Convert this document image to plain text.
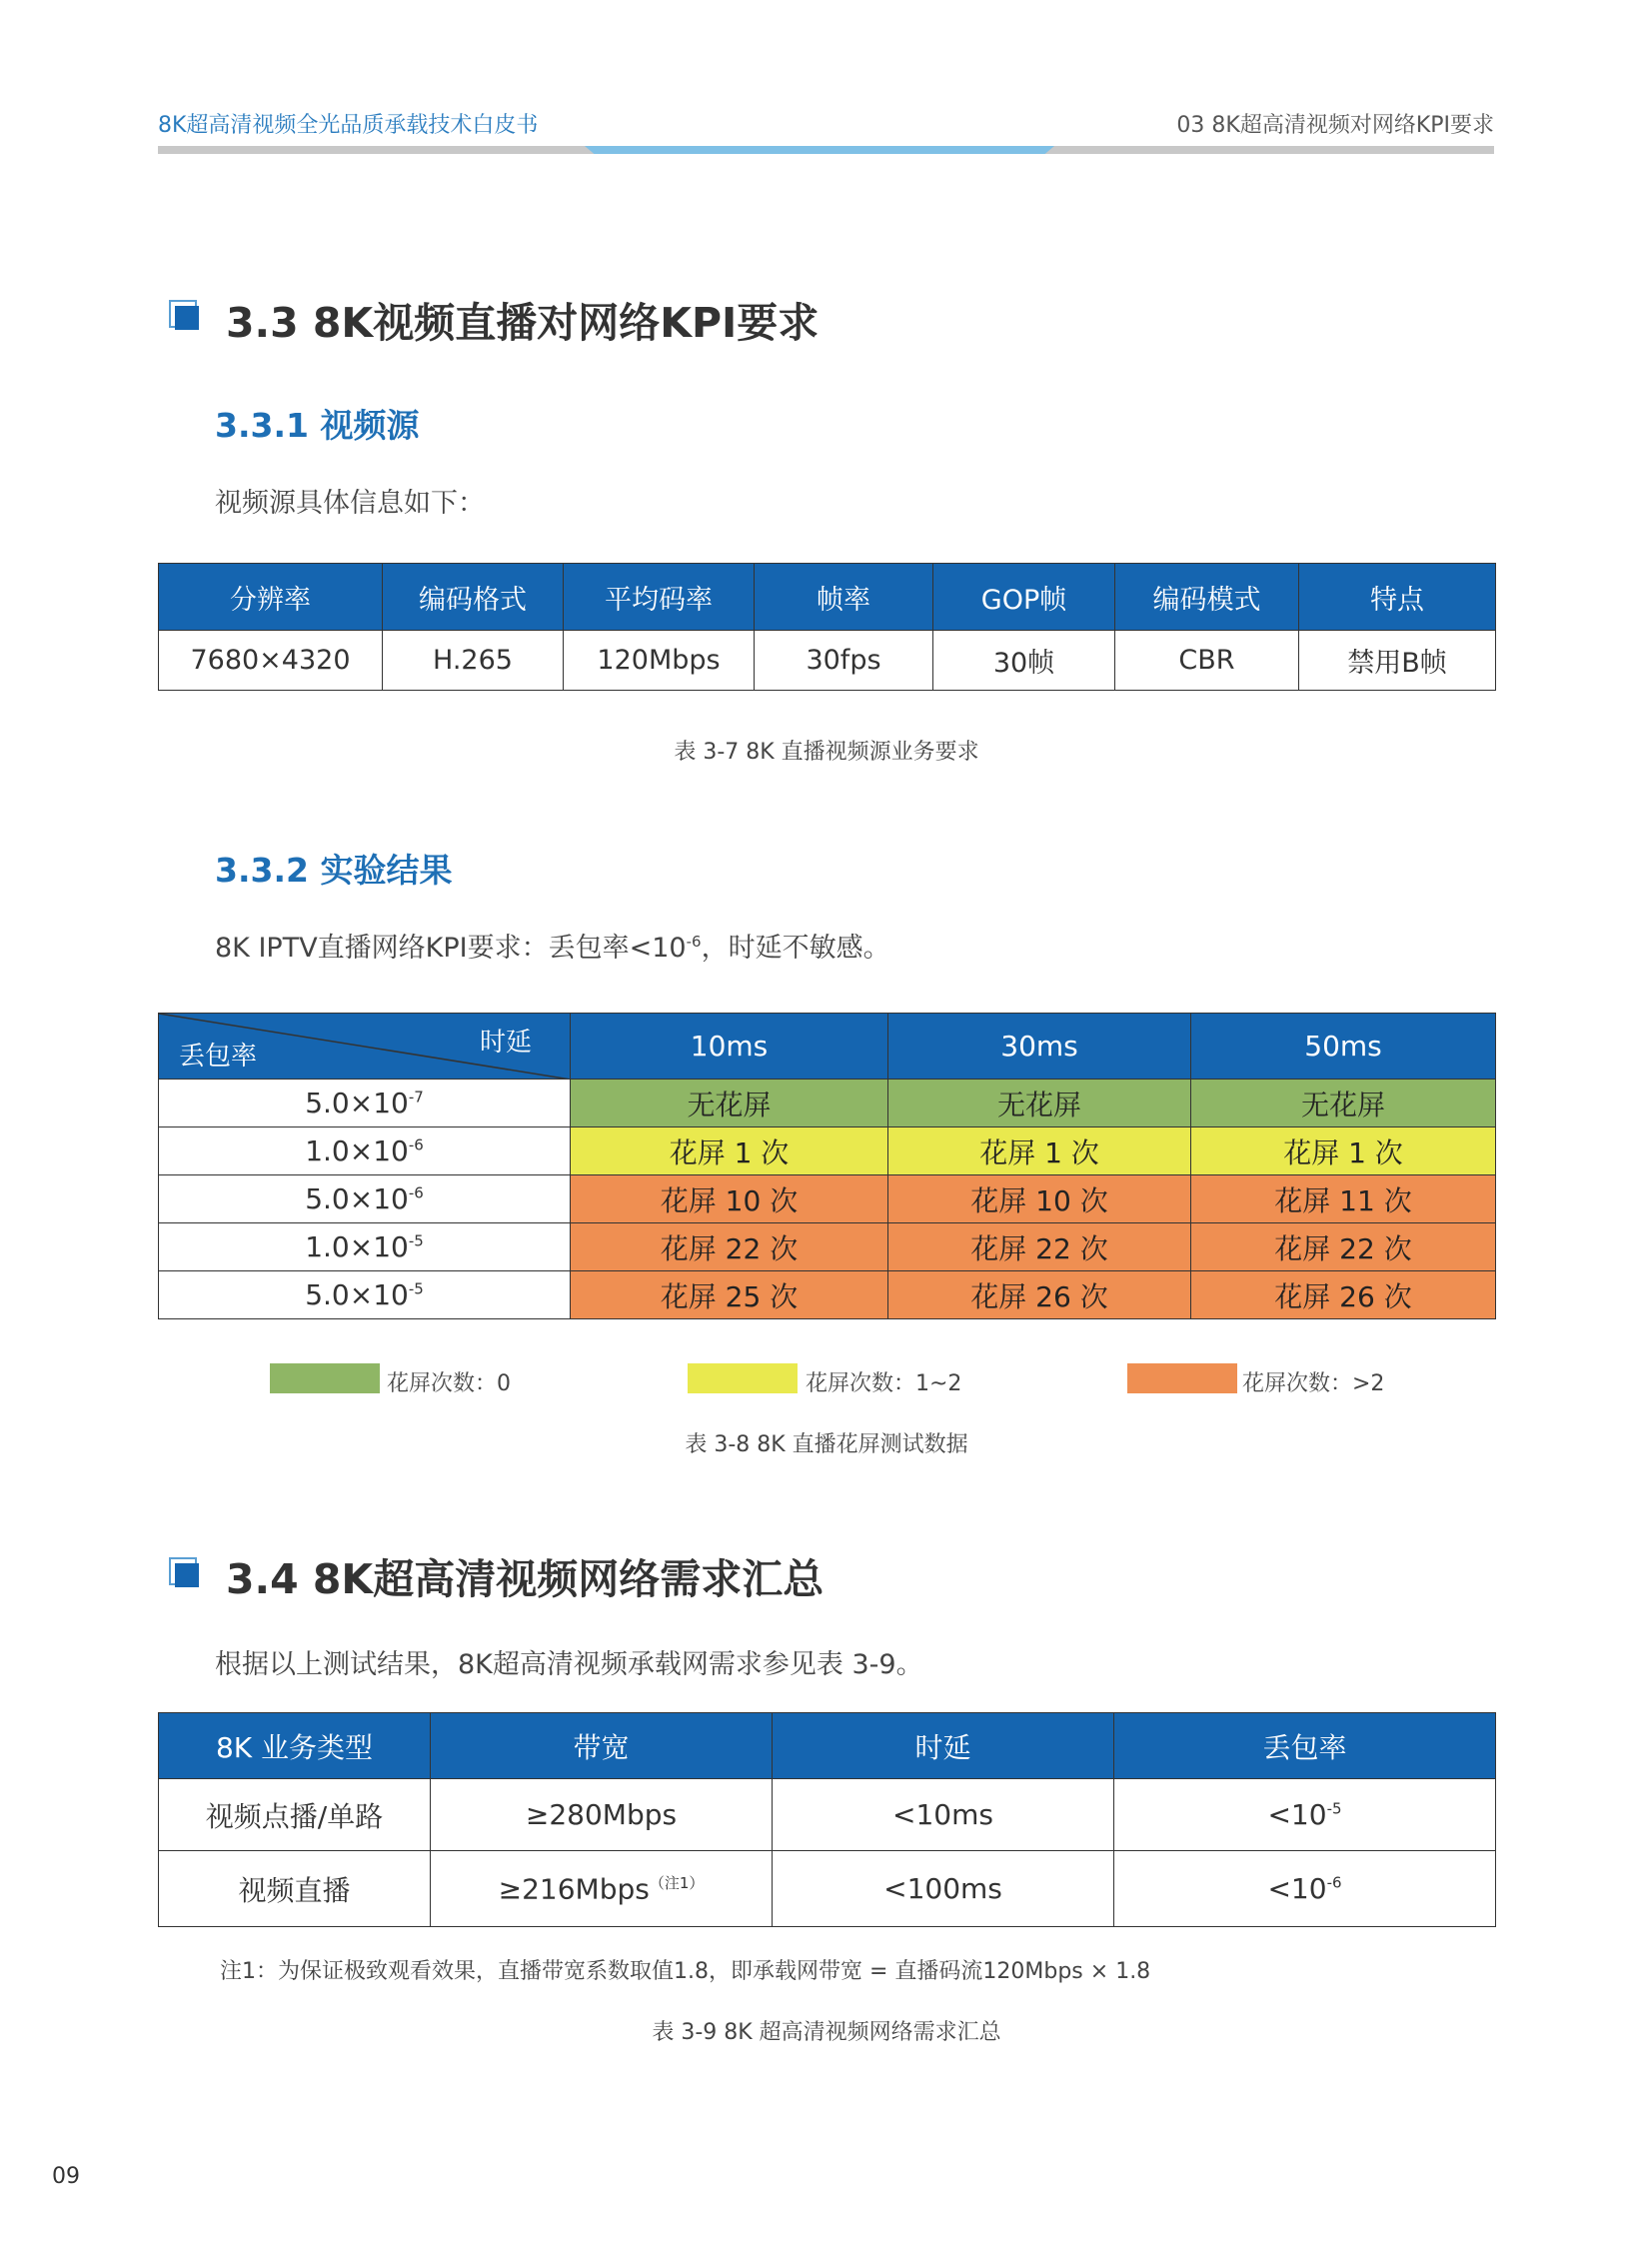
8K超高清视频全光品质承载技术白皮书	03 8K超高清视频对网络KPI要求
3.3 8K视频直播对网络KPI要求
3.3.1 视频源
视频源具体信息如下：
分辨率	编码格式	平均码率	帧率	GOP帧	编码模式	特点
7680×4320	H.265	120Mbps	30fps	30帧	CBR	禁用B帧
表 3-7 8K 直播视频源业务要求
3.3.2 实验结果
8K IPTV直播网络KPI要求：丢包率$<10^{-6}$，时延不敏感。
时延
丢包率	10ms	30ms	50ms
$5.0\times 10^{-7}$	无花屏	无花屏	无花屏
$1.0\times 10^{-6}$	花屏 1 次	花屏 1 次	花屏 1 次
$5.0\times 10^{-6}$	花屏 10 次	花屏 10 次	花屏 11 次
$1.0\times 10^{-5}$	花屏 22 次	花屏 22 次	花屏 22 次
$5.0\times 10^{-5}$	花屏 25 次	花屏 26 次	花屏 26 次
花屏次数：0	花屏次数：1~2	花屏次数：>2
表 3-8 8K 直播花屏测试数据
3.4 8K超高清视频网络需求汇总
根据以上测试结果，8K超高清视频承载网需求参见表 3-9。
8K 业务类型	带宽	时延	丢包率
视频点播/单路	≥280Mbps	<10ms	$<10^{-5}$
视频直播	≥216Mbps$^{(注1)}$	<100ms	$<10^{-6}$
注1：为保证极致观看效果，直播带宽系数取值1.8，即承载网带宽 = 直播码流120Mbps × 1.8
表 3-9 8K 超高清视频网络需求汇总
09
